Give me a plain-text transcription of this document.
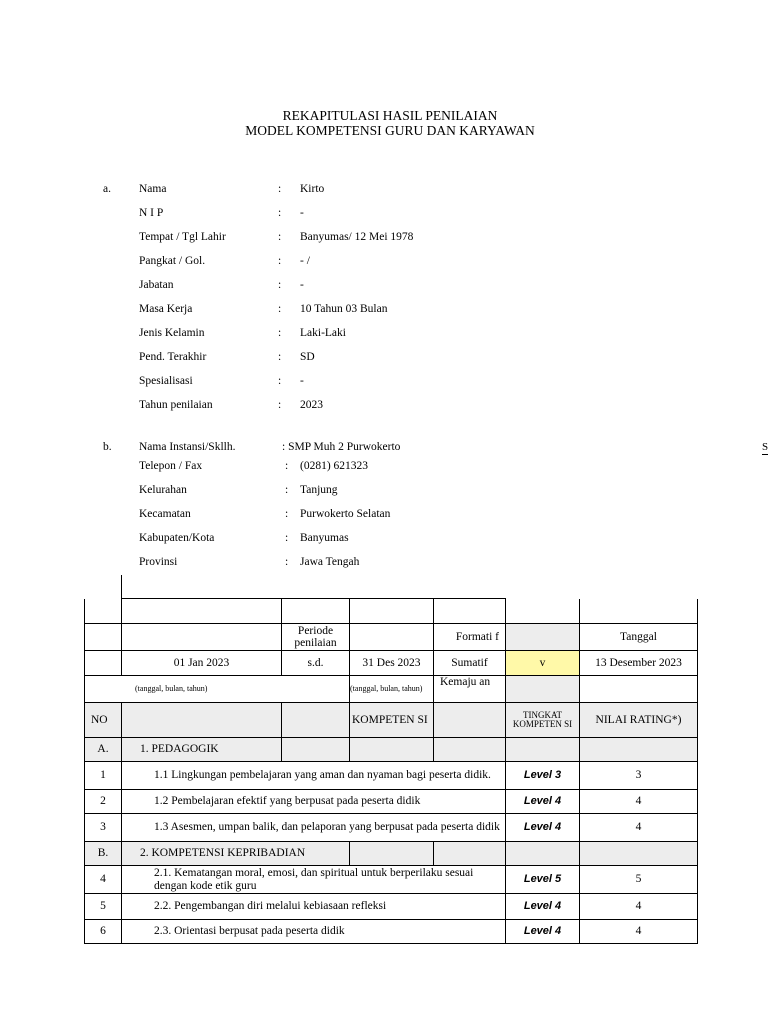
REKAPITULASI HASIL PENILAIAN
MODEL KOMPETENSI GURU DAN KARYAWAN
a. Nama	: Kirto
N I P	: -
Tempat / Tgl Lahir	: Banyumas/ 12 Mei 1978
Pangkat / Gol.	: - /
Jabatan	: -
Masa Kerja	: 10 Tahun 03 Bulan
Jenis Kelamin	: Laki-Laki
Pend. Terakhir	: SD
Spesialisasi	: -
Tahun penilaian	: 2023
b. Nama Instansi/Skllh.	: SMP Muh 2 Purwokerto	S
Telepon / Fax	: (0281) 621323
Kelurahan	: Tanjung
Kecamatan	: Purwokerto Selatan
Kabupaten/Kota	: Banyumas
Provinsi	: Jawa Tengah

		Periode penilaian		Formati f		Tanggal
	01 Jan 2023	s.d.	31 Des 2023	Sumatif	v	13 Desember 2023
(tanggal, bulan, tahun)			(tanggal, bulan, tahun)	Kemaju an		
NO			KOMPETEN SI		TINGKAT KOMPETEN SI	NILAI RATING*)
A.	1. PEDAGOGIK					
1	1.1 Lingkungan pembelajaran yang aman dan nyaman bagi peserta didik.				Level 3	3
2	1.2 Pembelajaran efektif yang berpusat pada peserta didik				Level 4	4
3	1.3 Asesmen, umpan balik, dan pelaporan yang berpusat pada peserta didik				Level 4	4
B.	2. KOMPETENSI KEPRIBADIAN					
4	2.1. Kematangan moral, emosi, dan spiritual untuk berperilaku sesuai dengan kode etik guru				Level 5	5
5	2.2. Pengembangan diri melalui kebiasaan refleksi				Level 4	4
6	2.3. Orientasi berpusat pada peserta didik				Level 4	4
